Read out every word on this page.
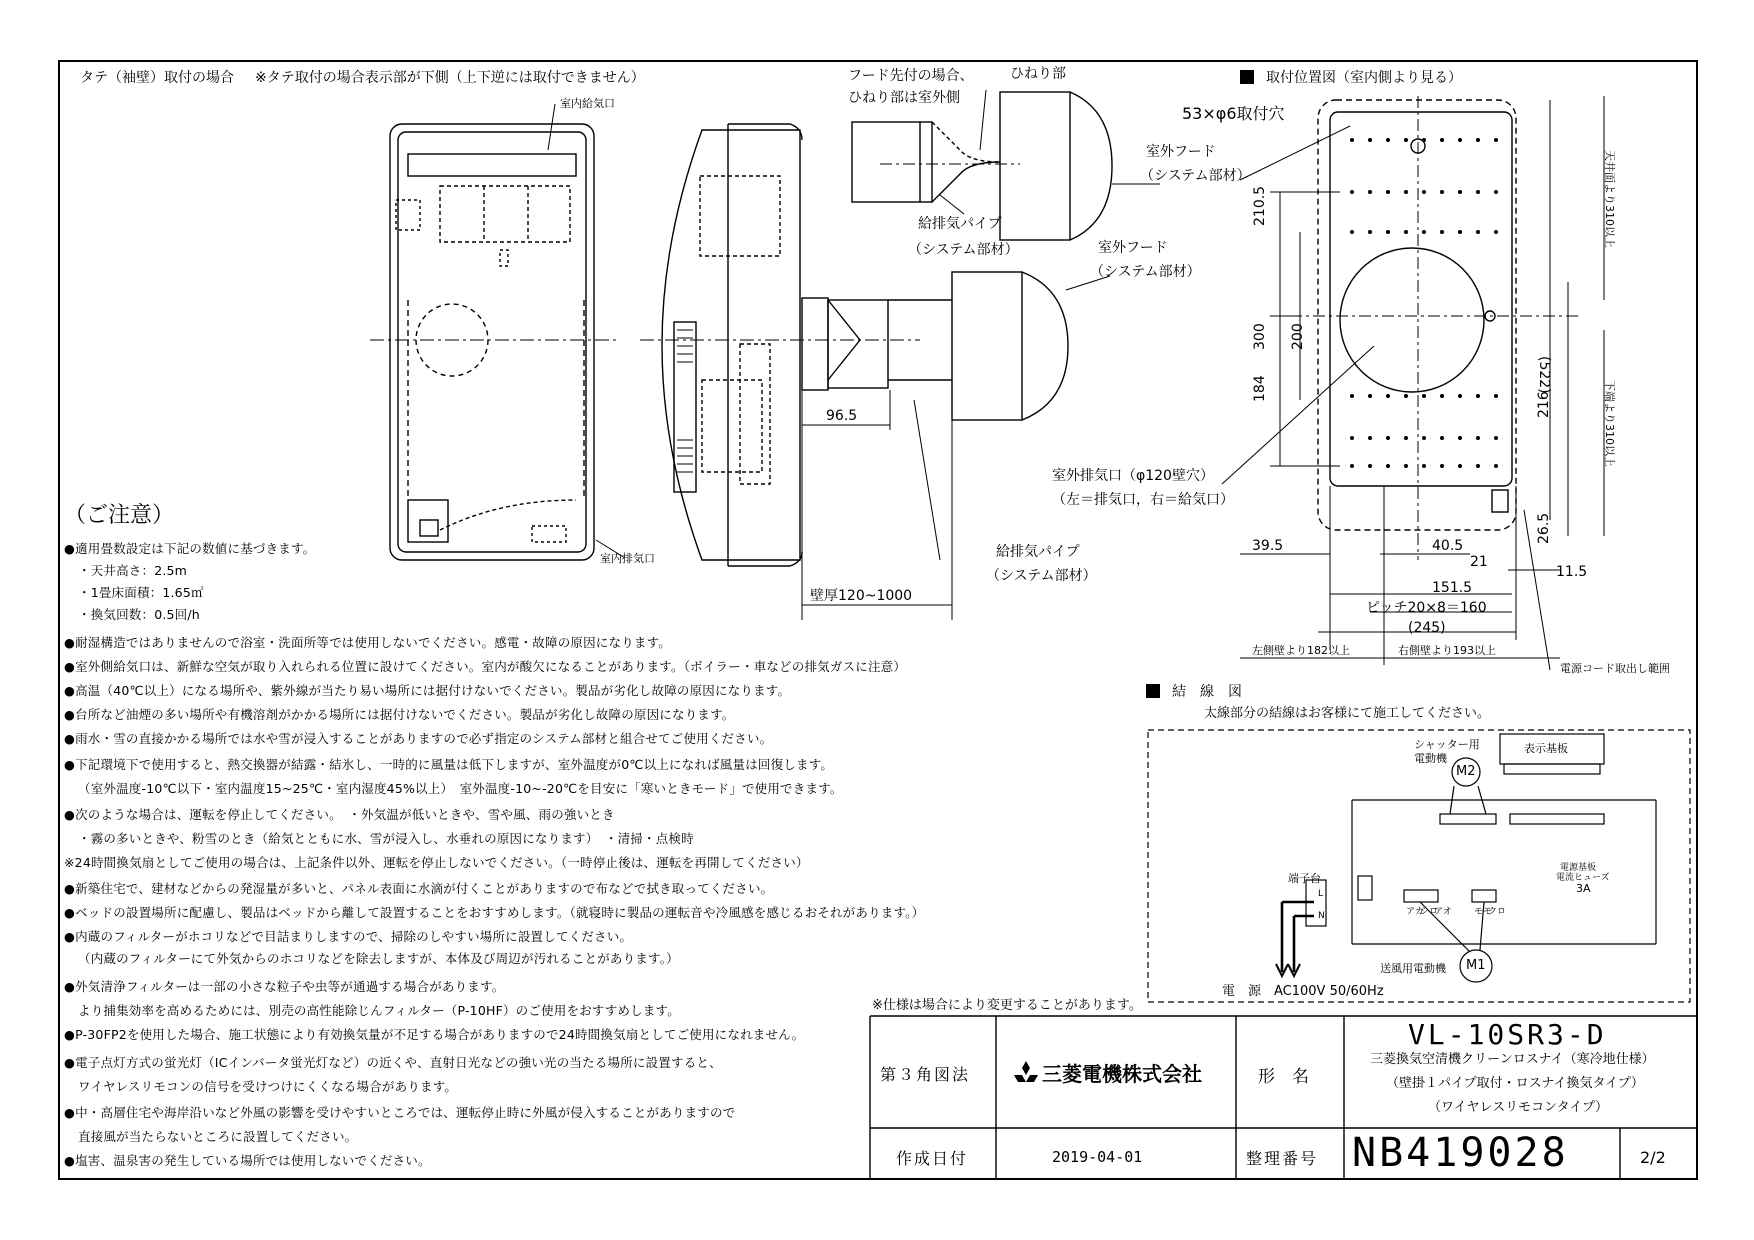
タテ（袖壁）取付の場合 ※タテ取付の場合表示部が下側（上下逆には取付できません）	取付位置図（室内側より見る）
室内給気口
室内排気口
フード先付の場合、
ひねり部は室外側
ひねり部
室外フード
（システム部材）
給排気パイプ
（システム部材）	室外フード
（システム部材）
給排気パイプ
（システム部材）
96.5
壁厚120~1000
53×φ6取付穴
室外排気口（φ120壁穴）
（左＝排気口，右＝給気口）
210.5
300 200
184	(522)
216
天井面より310以上
下端より310以上
39.5	40.5
21
26.5
11.5
151.5
ピッチ20×8＝160
(245)
左側壁より182以上	右側壁より193以上
電源コード取出し範囲
結　線　図
太線部分の結線はお客様にて施工してください。
シャッター用
電動機
M2
表示基板
電源基板
電流ヒューズ
3A
端子台
L
N	アカ
シロ
アオ モモ
クロ
送風用電動機 M1
電　源　AC100V 50/60Hz
（ご注意）
●適用畳数設定は下記の数値に基づきます。
・天井高さ：2.5m
・1畳床面積：1.65㎡
・換気回数：0.5回/h
●耐湿構造ではありませんので浴室・洗面所等では使用しないでください。感電・故障の原因になります。
●室外側給気口は、新鮮な空気が取り入れられる位置に設けてください。室内が酸欠になることがあります。（ボイラー・車などの排気ガスに注意）
●高温（40℃以上）になる場所や、紫外線が当たり易い場所には据付けないでください。製品が劣化し故障の原因になります。
●台所など油煙の多い場所や有機溶剤がかかる場所には据付けないでください。製品が劣化し故障の原因になります。
●雨水・雪の直接かかる場所では水や雪が浸入することがありますので必ず指定のシステム部材と組合せてご使用ください。
●下記環境下で使用すると、熱交換器が結露・結氷し、一時的に風量は低下しますが、室外温度が0℃以上になれば風量は回復します。
（室外温度-10℃以下・室内温度15~25℃・室内湿度45%以上）　室外温度-10~-20℃を目安に「寒いときモード」で使用できます。
●次のような場合は、運転を停止してください。　・外気温が低いときや、雪や風、雨の強いとき
・霧の多いときや、粉雪のとき（給気とともに水、雪が浸入し、水垂れの原因になります）　・清掃・点検時
※24時間換気扇としてご使用の場合は、上記条件以外、運転を停止しないでください。（一時停止後は、運転を再開してください）
●新築住宅で、建材などからの発湿量が多いと、パネル表面に水滴が付くことがありますので布などで拭き取ってください。
●ベッドの設置場所に配慮し、製品はベッドから離して設置することをおすすめします。（就寝時に製品の運転音や冷風感を感じるおそれがあります。）
●内蔵のフィルターがホコリなどで目詰まりしますので、掃除のしやすい場所に設置してください。
（内蔵のフィルターにて外気からのホコリなどを除去しますが、本体及び周辺が汚れることがあります。）
●外気清浄フィルターは一部の小さな粒子や虫等が通過する場合があります。
より捕集効率を高めるためには、別売の高性能除じんフィルター（P-10HF）のご使用をおすすめします。
●P-30FP2を使用した場合、施工状態により有効換気量が不足する場合がありますので24時間換気扇としてご使用になれません。
●電子点灯方式の蛍光灯（ICインバータ蛍光灯など）の近くや、直射日光などの強い光の当たる場所に設置すると、
ワイヤレスリモコンの信号を受けつけにくくなる場合があります。
●中・高層住宅や海岸沿いなど外風の影響を受けやすいところでは、運転停止時に外風が侵入することがありますので
直接風が当たらないところに設置してください。
●塩害、温泉害の発生している場所では使用しないでください。
※仕様は場合により変更することがあります。
第３角図法	三菱電機株式会社	形　名
VL-10SR3-D
三菱換気空清機クリーンロスナイ（寒冷地仕様）
（壁掛１パイプ取付・ロスナイ換気タイプ）
（ワイヤレスリモコンタイプ）
作成日付	2019-04-01	整理番号 NB419028	2/2
